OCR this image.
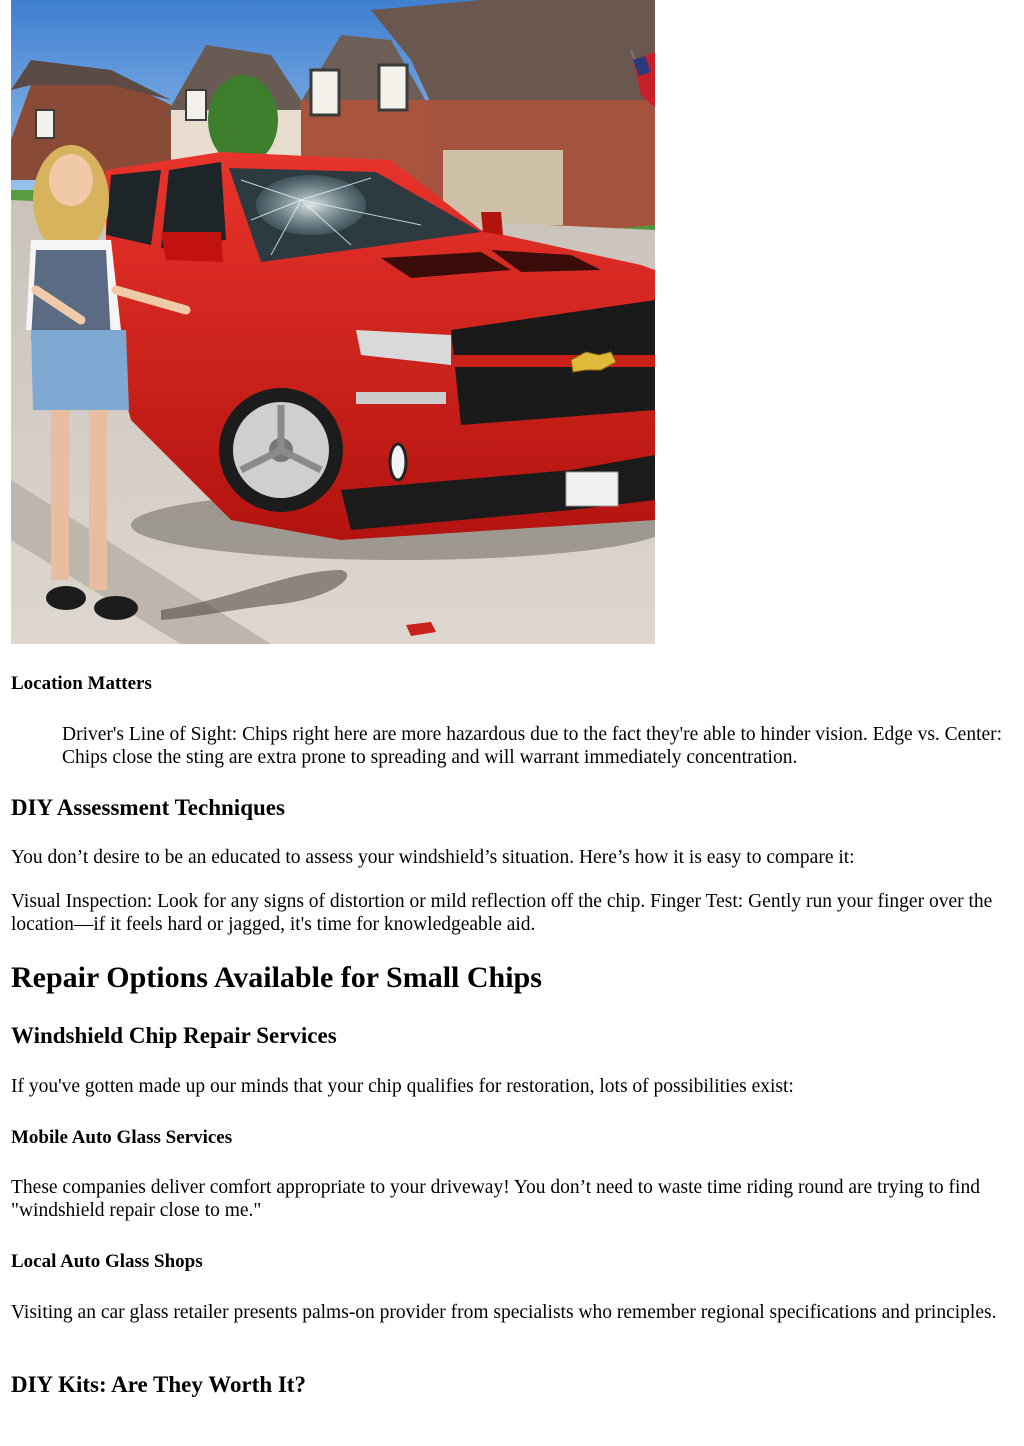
Location Matters

Driver's Line of Sight: Chips right here are more hazardous due to the fact they're able to hinder vision. Edge vs. Center: Chips close the sting are extra prone to spreading and will warrant immediately concentration.

DIY Assessment Techniques

You don’t desire to be an educated to assess your windshield’s situation. Here’s how it is easy to compare it:

Visual Inspection: Look for any signs of distortion or mild reflection off the chip. Finger Test: Gently run your finger over the location—if it feels hard or jagged, it's time for knowledgeable aid.

Repair Options Available for Small Chips
Windshield Chip Repair Services

If you've gotten made up our minds that your chip qualifies for restoration, lots of possibilities exist:

Mobile Auto Glass Services

These companies deliver comfort appropriate to your driveway! You don’t need to waste time riding round are trying to find "windshield repair close to me."

Local Auto Glass Shops

Visiting an car glass retailer presents palms-on provider from specialists who remember regional specifications and principles.

DIY Kits: Are They Worth It?
